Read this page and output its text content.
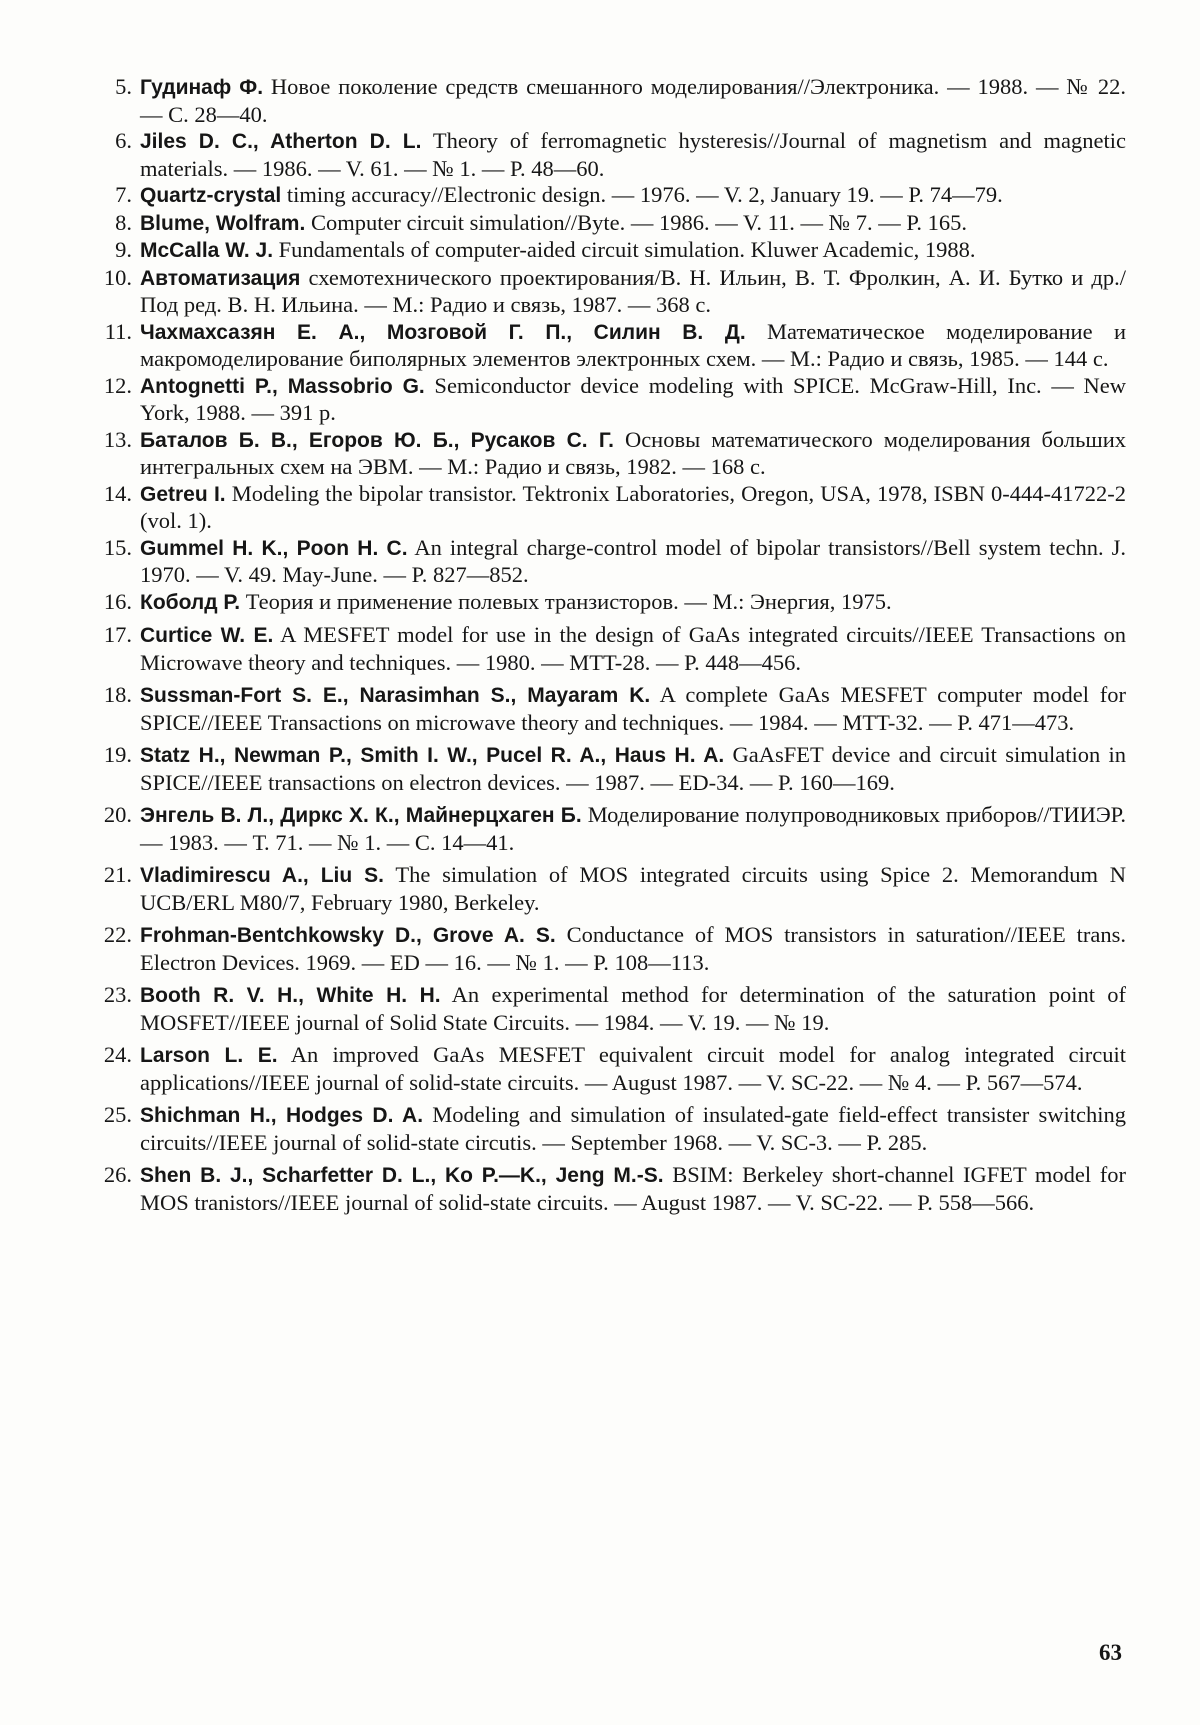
5. Гудинаф Ф. Новое поколение средств смешанного моделирования//Электроника. — 1988. — № 22. — С. 28—40.
6. Jiles D. C., Atherton D. L. Theory of ferromagnetic hysteresis//Journal of magnetism and magnetic materials. — 1986. — V. 61. — № 1. — P. 48—60.
7. Quartz-crystal timing accuracy//Electronic design. — 1976. — V. 2, January 19. — P. 74—79.
8. Blume, Wolfram. Computer circuit simulation//Byte. — 1986. — V. 11. — № 7. — P. 165.
9. McCalla W. J. Fundamentals of computer-aided circuit simulation. Kluwer Academic, 1988.
10. Автоматизация схемотехнического проектирования/В. Н. Ильин, В. Т. Фролкин, А. И. Бутко и др./Под ред. В. Н. Ильина. — М.: Радио и связь, 1987. — 368 с.
11. Чахмахсазян Е. А., Мозговой Г. П., Силин В. Д. Математическое моделирование и макромоделирование биполярных элементов электронных схем. — М.: Радио и связь, 1985. — 144 с.
12. Antognetti P., Massobrio G. Semiconductor device modeling with SPICE. McGraw-Hill, Inc. — New York, 1988. — 391 p.
13. Баталов Б. В., Егоров Ю. Б., Русаков С. Г. Основы математического моделирования больших интегральных схем на ЭВМ. — М.: Радио и связь, 1982. — 168 с.
14. Getreu I. Modeling the bipolar transistor. Tektronix Laboratories, Oregon, USA, 1978, ISBN 0-444-41722-2 (vol. 1).
15. Gummel H. K., Poon H. C. An integral charge-control model of bipolar transistors//Bell system techn. J. 1970. — V. 49. May-June. — P. 827—852.
16. Коболд Р. Теория и применение полевых транзисторов. — М.: Энергия, 1975.
17. Curtice W. E. A MESFET model for use in the design of GaAs integrated circuits//IEEE Transactions on Microwave theory and techniques. — 1980. — MTT-28. — P. 448—456.
18. Sussman-Fort S. E., Narasimhan S., Mayaram K. A complete GaAs MESFET computer model for SPICE//IEEE Transactions on microwave theory and techniques. — 1984. — MTT-32. — P. 471—473.
19. Statz H., Newman P., Smith I. W., Pucel R. A., Haus H. A. GaAsFET device and circuit simulation in SPICE//IEEE transactions on electron devices. — 1987. — ED-34. — P. 160—169.
20. Энгель В. Л., Диркс Х. К., Майнерцхаген Б. Моделирование полупроводниковых приборов//ТИИЭР. — 1983. — Т. 71. — № 1. — С. 14—41.
21. Vladimirescu A., Liu S. The simulation of MOS integrated circuits using Spice 2. Memorandum N UCB/ERL M80/7, February 1980, Berkeley.
22. Frohman-Bentchkowsky D., Grove A. S. Conductance of MOS transistors in saturation//IEEE trans. Electron Devices. 1969. — ED — 16. — № 1. — P. 108—113.
23. Booth R. V. H., White H. H. An experimental method for determination of the saturation point of MOSFET//IEEE journal of Solid State Circuits. — 1984. — V. 19. — № 19.
24. Larson L. E. An improved GaAs MESFET equivalent circuit model for analog integrated circuit applications//IEEE journal of solid-state circuits. — August 1987. — V. SC-22. — № 4. — P. 567—574.
25. Shichman H., Hodges D. A. Modeling and simulation of insulated-gate field-effect transister switching circuits//IEEE journal of solid-state circutis. — September 1968. — V. SC-3. — P. 285.
26. Shen B. J., Scharfetter D. L., Ko P.—K., Jeng M.-S. BSIM: Berkeley short-channel IGFET model for MOS tranistors//IEEE journal of solid-state circuits. — August 1987. — V. SC-22. — P. 558—566.
63
